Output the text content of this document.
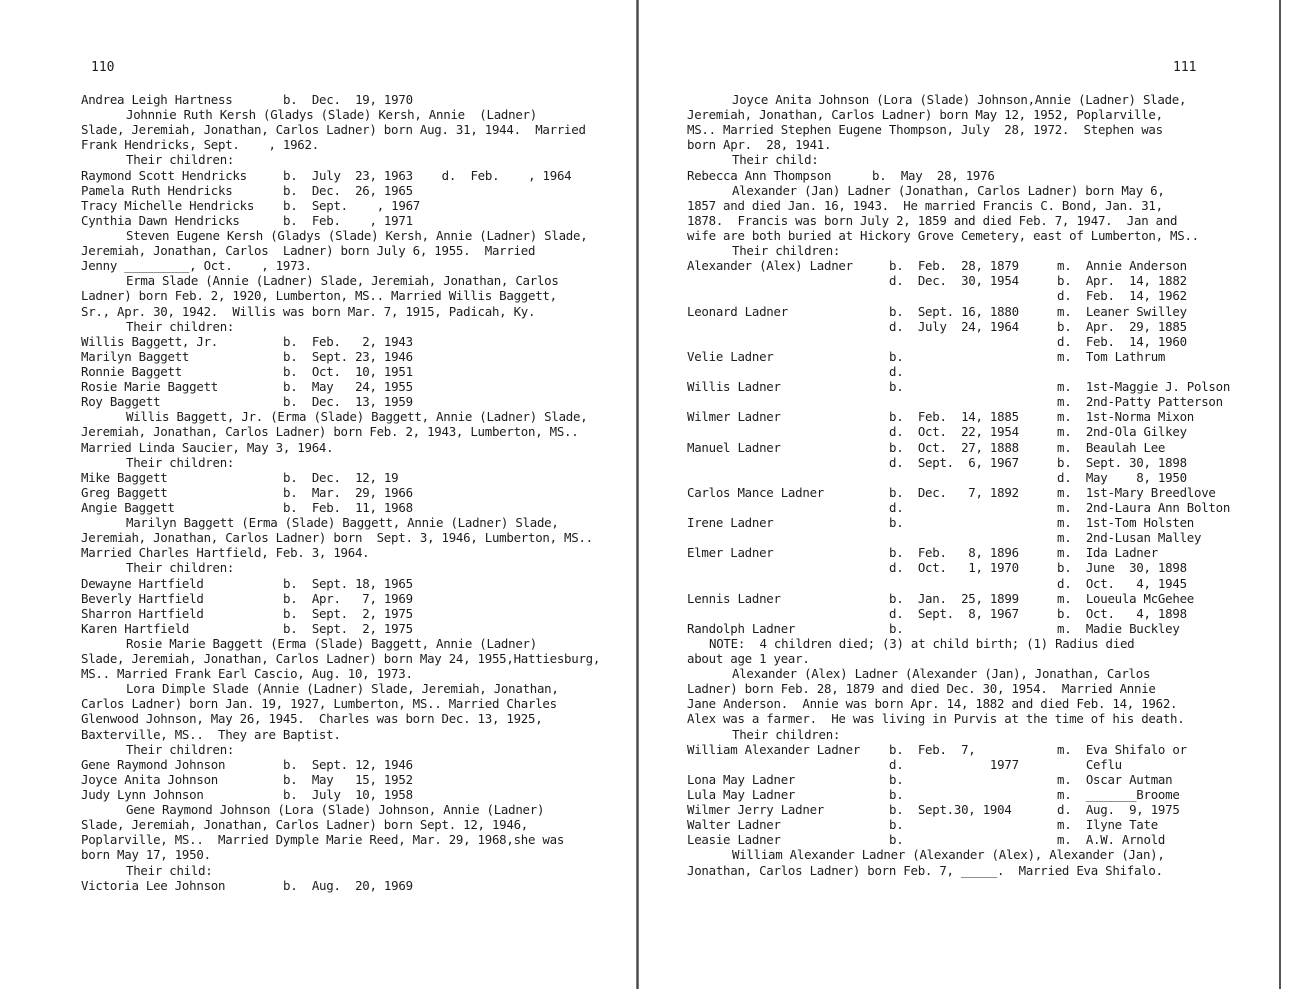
110
Andrea Leigh Hartness	b.  Dec.  19, 1970
Johnnie Ruth Kersh (Gladys (Slade) Kersh, Annie  (Ladner)
Slade, Jeremiah, Jonathan, Carlos Ladner) born Aug. 31, 1944.  Married
Frank Hendricks, Sept.    , 1962.
Their children:
Raymond Scott Hendricks	b.  July  23, 1963    d.  Feb.    , 1964
Pamela Ruth Hendricks	b.  Dec.  26, 1965
Tracy Michelle Hendricks b.  Sept.    , 1967
Cynthia Dawn Hendricks	b.  Feb.    , 1971
Steven Eugene Kersh (Gladys (Slade) Kersh, Annie (Ladner) Slade,
Jeremiah, Jonathan, Carlos  Ladner) born July 6, 1955.  Married
Jenny _________, Oct.    , 1973.
Erma Slade (Annie (Ladner) Slade, Jeremiah, Jonathan, Carlos
Ladner) born Feb. 2, 1920, Lumberton, MS.. Married Willis Baggett,
Sr., Apr. 30, 1942.  Willis was born Mar. 7, 1915, Padicah, Ky.
Their children:
Willis Baggett, Jr.	b.  Feb.   2, 1943
Marilyn Baggett	b.  Sept. 23, 1946
Ronnie Baggett	b.  Oct.  10, 1951
Rosie Marie Baggett	b.  May   24, 1955
Roy Baggett	b.  Dec.  13, 1959
Willis Baggett, Jr. (Erma (Slade) Baggett, Annie (Ladner) Slade,
Jeremiah, Jonathan, Carlos Ladner) born Feb. 2, 1943, Lumberton, MS..
Married Linda Saucier, May 3, 1964.
Their children:
Mike Baggett	b.  Dec.  12, 19
Greg Baggett	b.  Mar.  29, 1966
Angie Baggett	b.  Feb.  11, 1968
Marilyn Baggett (Erma (Slade) Baggett, Annie (Ladner) Slade,
Jeremiah, Jonathan, Carlos Ladner) born  Sept. 3, 1946, Lumberton, MS..
Married Charles Hartfield, Feb. 3, 1964.
Their children:
Dewayne Hartfield	b.  Sept. 18, 1965
Beverly Hartfield	b.  Apr.   7, 1969
Sharron Hartfield	b.  Sept.  2, 1975
Karen Hartfield	b.  Sept.  2, 1975
Rosie Marie Baggett (Erma (Slade) Baggett, Annie (Ladner)
Slade, Jeremiah, Jonathan, Carlos Ladner) born May 24, 1955,Hattiesburg,
MS.. Married Frank Earl Cascio, Aug. 10, 1973.
Lora Dimple Slade (Annie (Ladner) Slade, Jeremiah, Jonathan,
Carlos Ladner) born Jan. 19, 1927, Lumberton, MS.. Married Charles
Glenwood Johnson, May 26, 1945.  Charles was born Dec. 13, 1925,
Baxterville, MS..  They are Baptist.
Their children:
Gene Raymond Johnson	b.  Sept. 12, 1946
Joyce Anita Johnson	b.  May   15, 1952
Judy Lynn Johnson	b.  July  10, 1958
Gene Raymond Johnson (Lora (Slade) Johnson, Annie (Ladner)
Slade, Jeremiah, Jonathan, Carlos Ladner) born Sept. 12, 1946,
Poplarville, MS..  Married Dymple Marie Reed, Mar. 29, 1968,she was
born May 17, 1950.
Their child:
Victoria Lee Johnson	b.  Aug.  20, 1969
111
Joyce Anita Johnson (Lora (Slade) Johnson,Annie (Ladner) Slade,
Jeremiah, Jonathan, Carlos Ladner) born May 12, 1952, Poplarville,
MS.. Married Stephen Eugene Thompson, July  28, 1972.  Stephen was
born Apr.  28, 1941.
Their child:
Rebecca Ann Thompson	b.  May  28, 1976
Alexander (Jan) Ladner (Jonathan, Carlos Ladner) born May 6,
1857 and died Jan. 16, 1943.  He married Francis C. Bond, Jan. 31,
1878.  Francis was born July 2, 1859 and died Feb. 7, 1947.  Jan and
wife are both buried at Hickory Grove Cemetery, east of Lumberton, MS..
Their children:
Alexander (Alex) Ladner	b.  Feb.  28, 1879	m.  Annie Anderson
d.  Dec.  30, 1954	b.  Apr.  14, 1882
d.  Feb.  14, 1962
Leonard Ladner	b.  Sept. 16, 1880	m.  Leaner Swilley
d.  July  24, 1964	b.  Apr.  29, 1885
d.  Feb.  14, 1960
Velie Ladner	b.	m.  Tom Lathrum
d.
Willis Ladner	b.	m.  1st-Maggie J. Polson
m.  2nd-Patty Patterson
Wilmer Ladner	b.  Feb.  14, 1885	m.  1st-Norma Mixon
d.  Oct.  22, 1954	m.  2nd-Ola Gilkey
Manuel Ladner	b.  Oct.  27, 1888	m.  Beaulah Lee
d.  Sept.  6, 1967	b.  Sept. 30, 1898
d.  May    8, 1950
Carlos Mance Ladner	b.  Dec.   7, 1892	m.  1st-Mary Breedlove
d.	m.  2nd-Laura Ann Bolton
Irene Ladner	b.	m.  1st-Tom Holsten
m.  2nd-Lusan Malley
Elmer Ladner	b.  Feb.   8, 1896	m.  Ida Ladner
d.  Oct.   1, 1970	b.  June  30, 1898
d.  Oct.   4, 1945
Lennis Ladner	b.  Jan.  25, 1899	m.  Loueula McGehee
d.  Sept.  8, 1967	b.  Oct.   4, 1898
Randolph Ladner	b.	m.  Madie Buckley
NOTE:  4 children died; (3) at child birth; (1) Radius died
about age 1 year.
Alexander (Alex) Ladner (Alexander (Jan), Jonathan, Carlos
Ladner) born Feb. 28, 1879 and died Dec. 30, 1954.  Married Annie
Jane Anderson.  Annie was born Apr. 14, 1882 and died Feb. 14, 1962.
Alex was a farmer.  He was living in Purvis at the time of his death.
Their children:
William Alexander Ladner b.  Feb.  7,	m.  Eva Shifalo or
d.            1977	Ceflu
Lona May Ladner	b.	m.  Oscar Autman
Lula May Ladner	b.	m.  _______Broome
Wilmer Jerry Ladner	b.  Sept.30, 1904	d.  Aug.  9, 1975
Walter Ladner	b.	m.  Ilyne Tate
Leasie Ladner	b.	m.  A.W. Arnold
William Alexander Ladner (Alexander (Alex), Alexander (Jan),
Jonathan, Carlos Ladner) born Feb. 7, _____.  Married Eva Shifalo.
